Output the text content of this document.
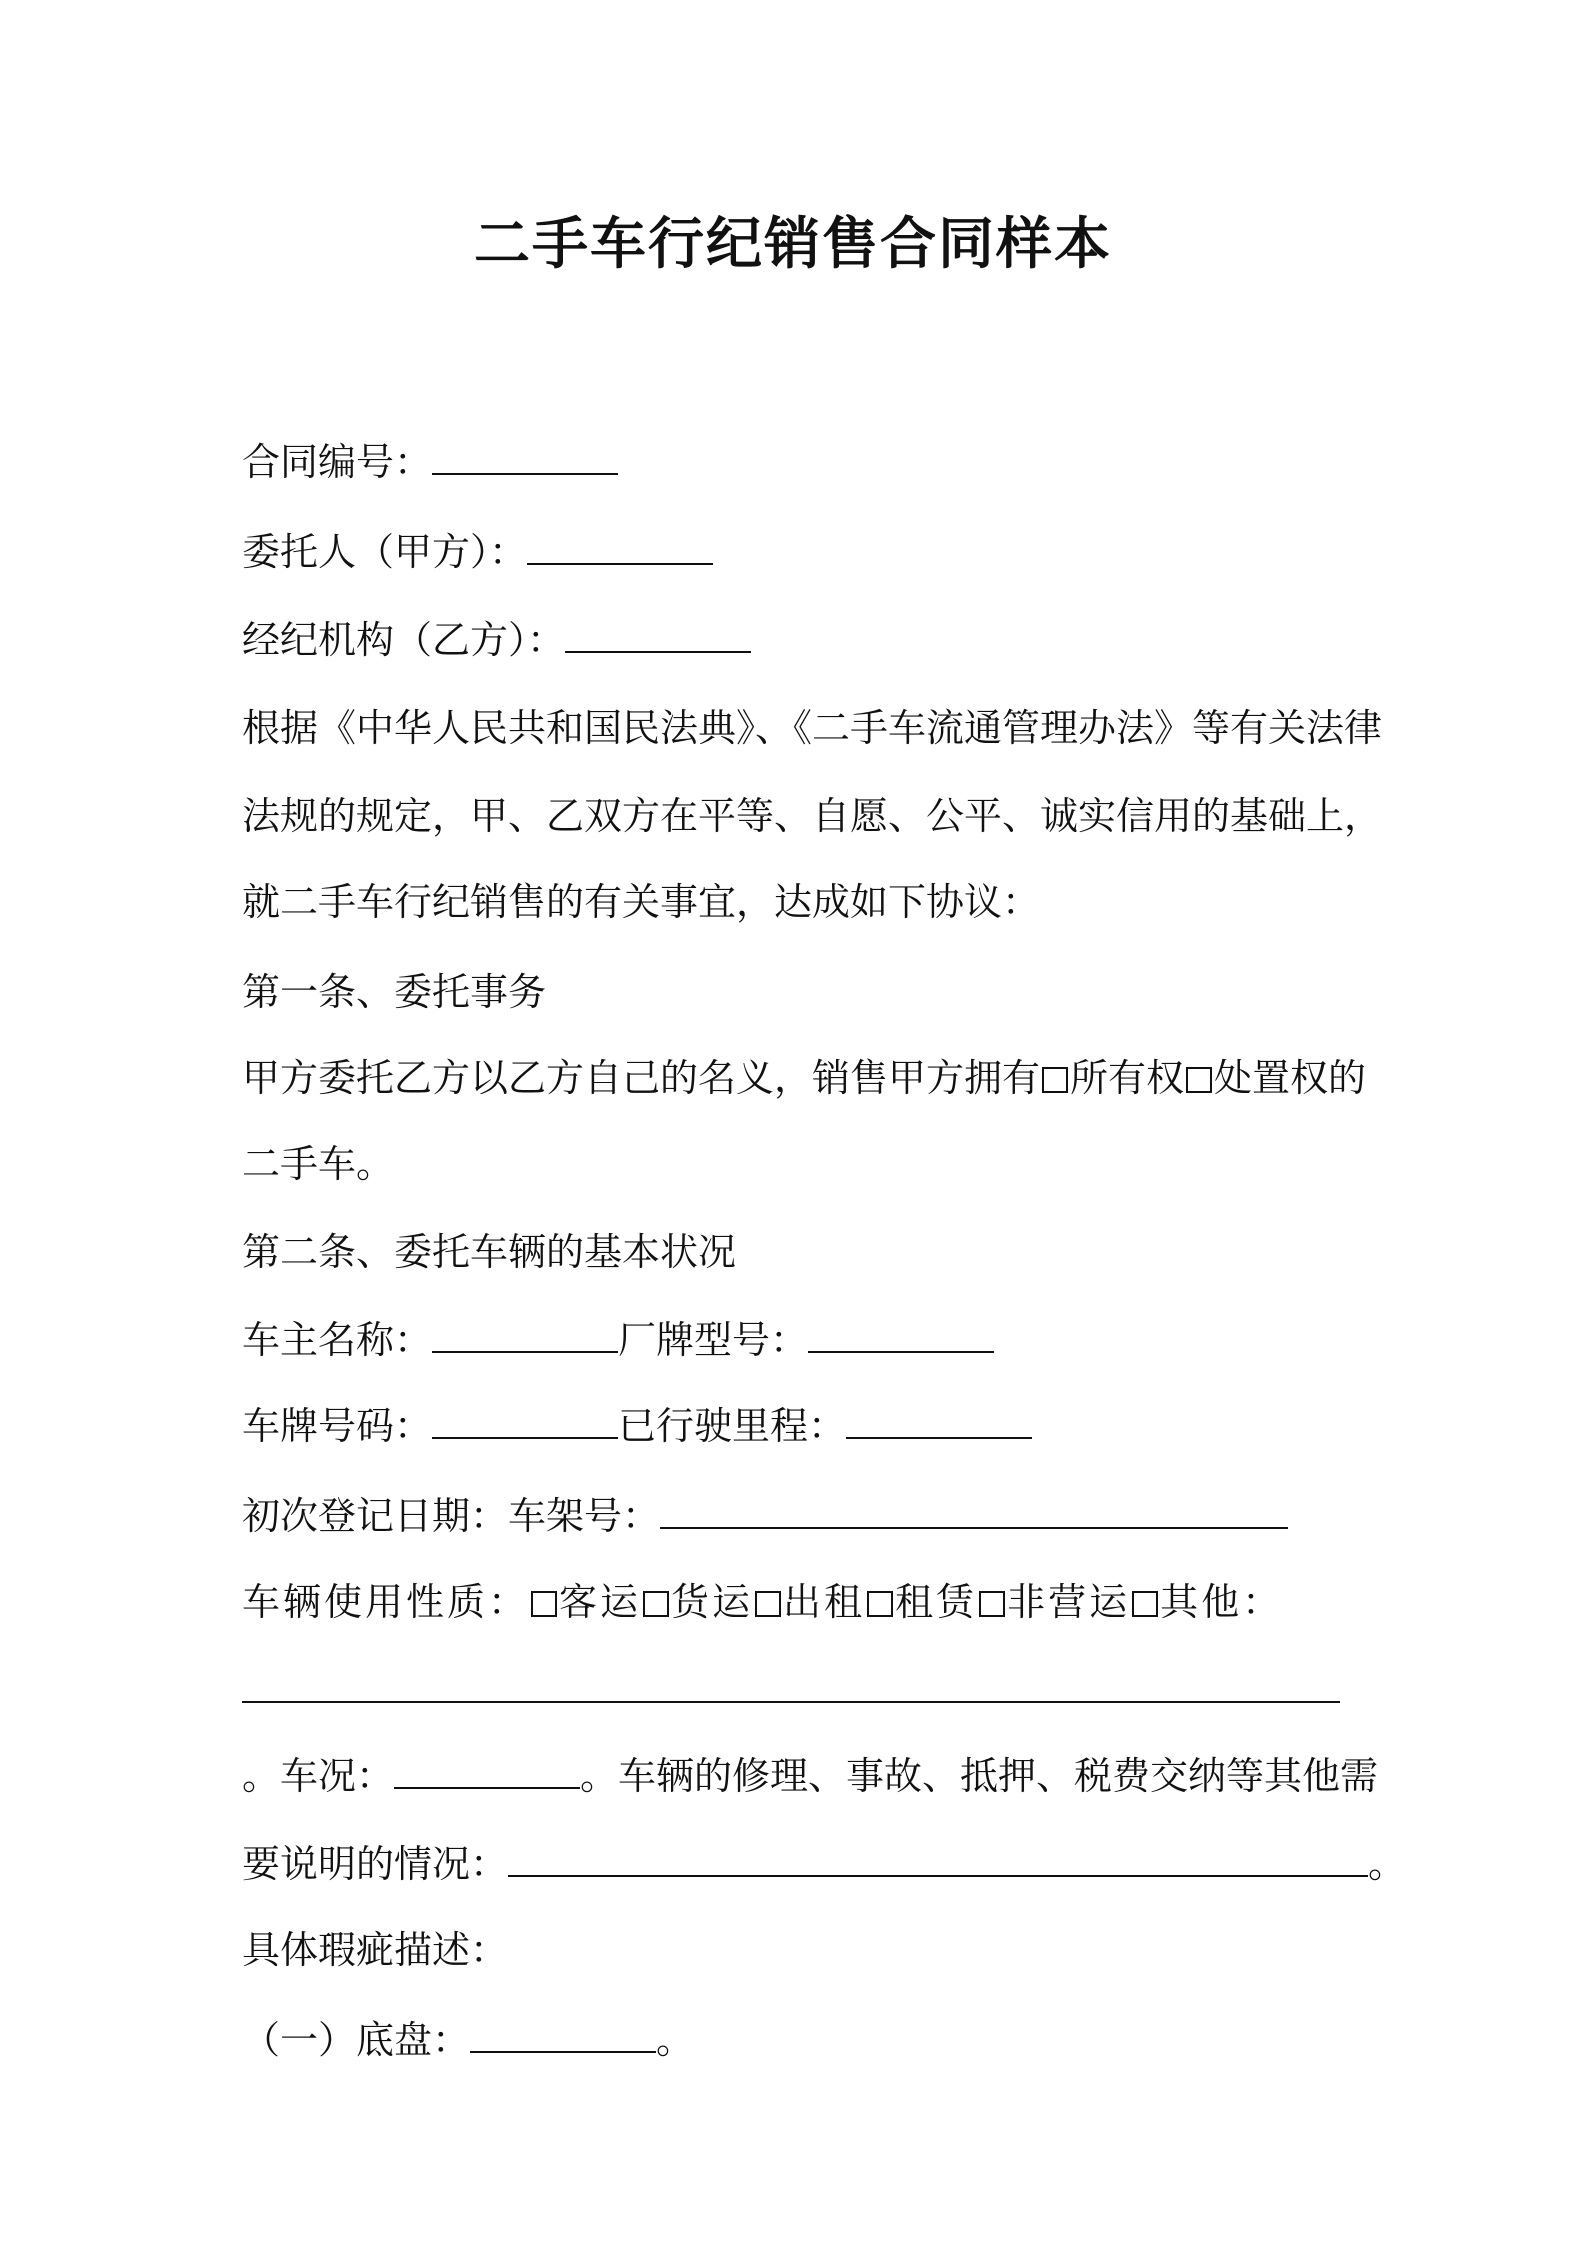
二手车行纪销售合同样本
合同编号：
委托人（甲方）：
经纪机构（乙方）：
根据《中华人民共和国民法典》、《二手车流通管理办法》等有关法律
法规的规定，甲、乙双方在平等、自愿、公平、诚实信用的基础上，
就二手车行纪销售的有关事宜，达成如下协议：
第一条、委托事务
甲方委托乙方以乙方自己的名义，销售甲方拥有 所有权 处置权的
二手车。
第二条、委托车辆的基本状况
车主名称：	厂牌型号：
车牌号码：	已行驶里程：
初次登记日期：车架号：
车辆使用性质： 客运 货运 出租 租赁 非营运 其他：
。车况：	。车辆的修理、事故、抵押、税费交纳等其他需
要说明的情况：	。
具体瑕疵描述：
（一）底盘：	。
